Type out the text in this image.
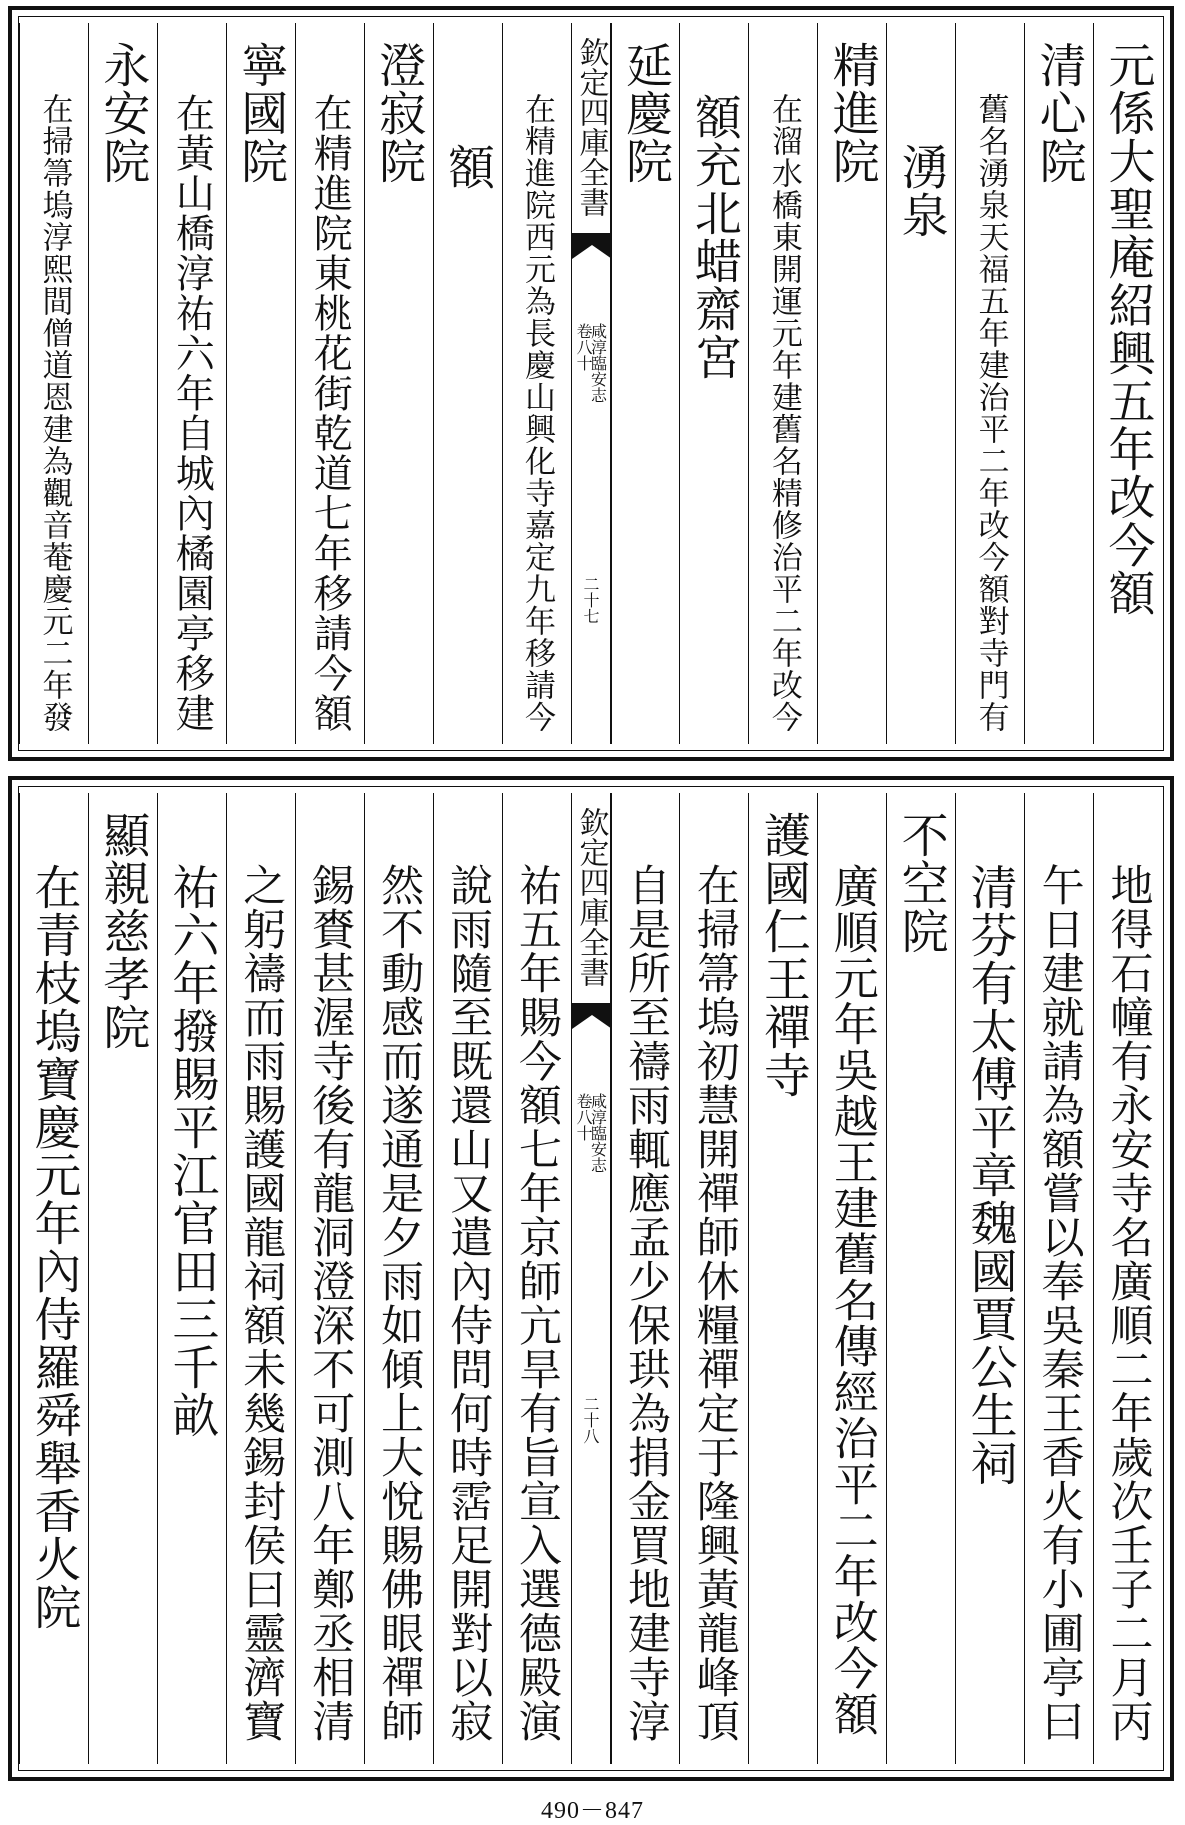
元係大聖庵紹興五年改今額
清心院
舊名湧泉天福五年建治平二年改今額對寺門有
湧泉
精進院
在溜水橋東開運元年建舊名精修治平二年改今
額充北蜡齋宮
延慶院
欽定四庫全書
咸淳臨安志
卷八十
二十七
在精進院西元為長慶山興化寺嘉定九年移請今
額
澄寂院
在精進院東桃花街乾道七年移請今額
寧國院
在黃山橋淳祐六年自城內橘園亭移建
永安院
在掃箒塢淳熙間僧道恩建為觀音菴慶元二年發
地得石幢有永安寺名廣順二年歲次壬子二月丙
午日建就請為額嘗以奉吳秦王香火有小圃亭曰
清芬有太傅平章魏國賈公生祠
不空院
廣順元年吳越王建舊名傳經治平二年改今額
護國仁王禪寺
在掃箒塢初慧開禪師休糧禪定于隆興黃龍峰頂
自是所至禱雨輒應孟少保珙為捐金買地建寺淳
欽定四庫全書
咸淳臨安志
卷八十
二十八
祐五年賜今額七年京師亢旱有旨宣入選德殿演
說雨隨至既還山又遣內侍問何時霑足開對以寂
然不動感而遂通是夕雨如傾上大悅賜佛眼禪師
錫賚甚渥寺後有龍洞澄深不可測八年鄭丞相清
之躬禱而雨賜護國龍祠額未幾錫封侯曰靈濟寶
祐六年撥賜平江官田三千畝
顯親慈孝院
在青枝塢寶慶元年內侍羅舜舉香火院
490－847
